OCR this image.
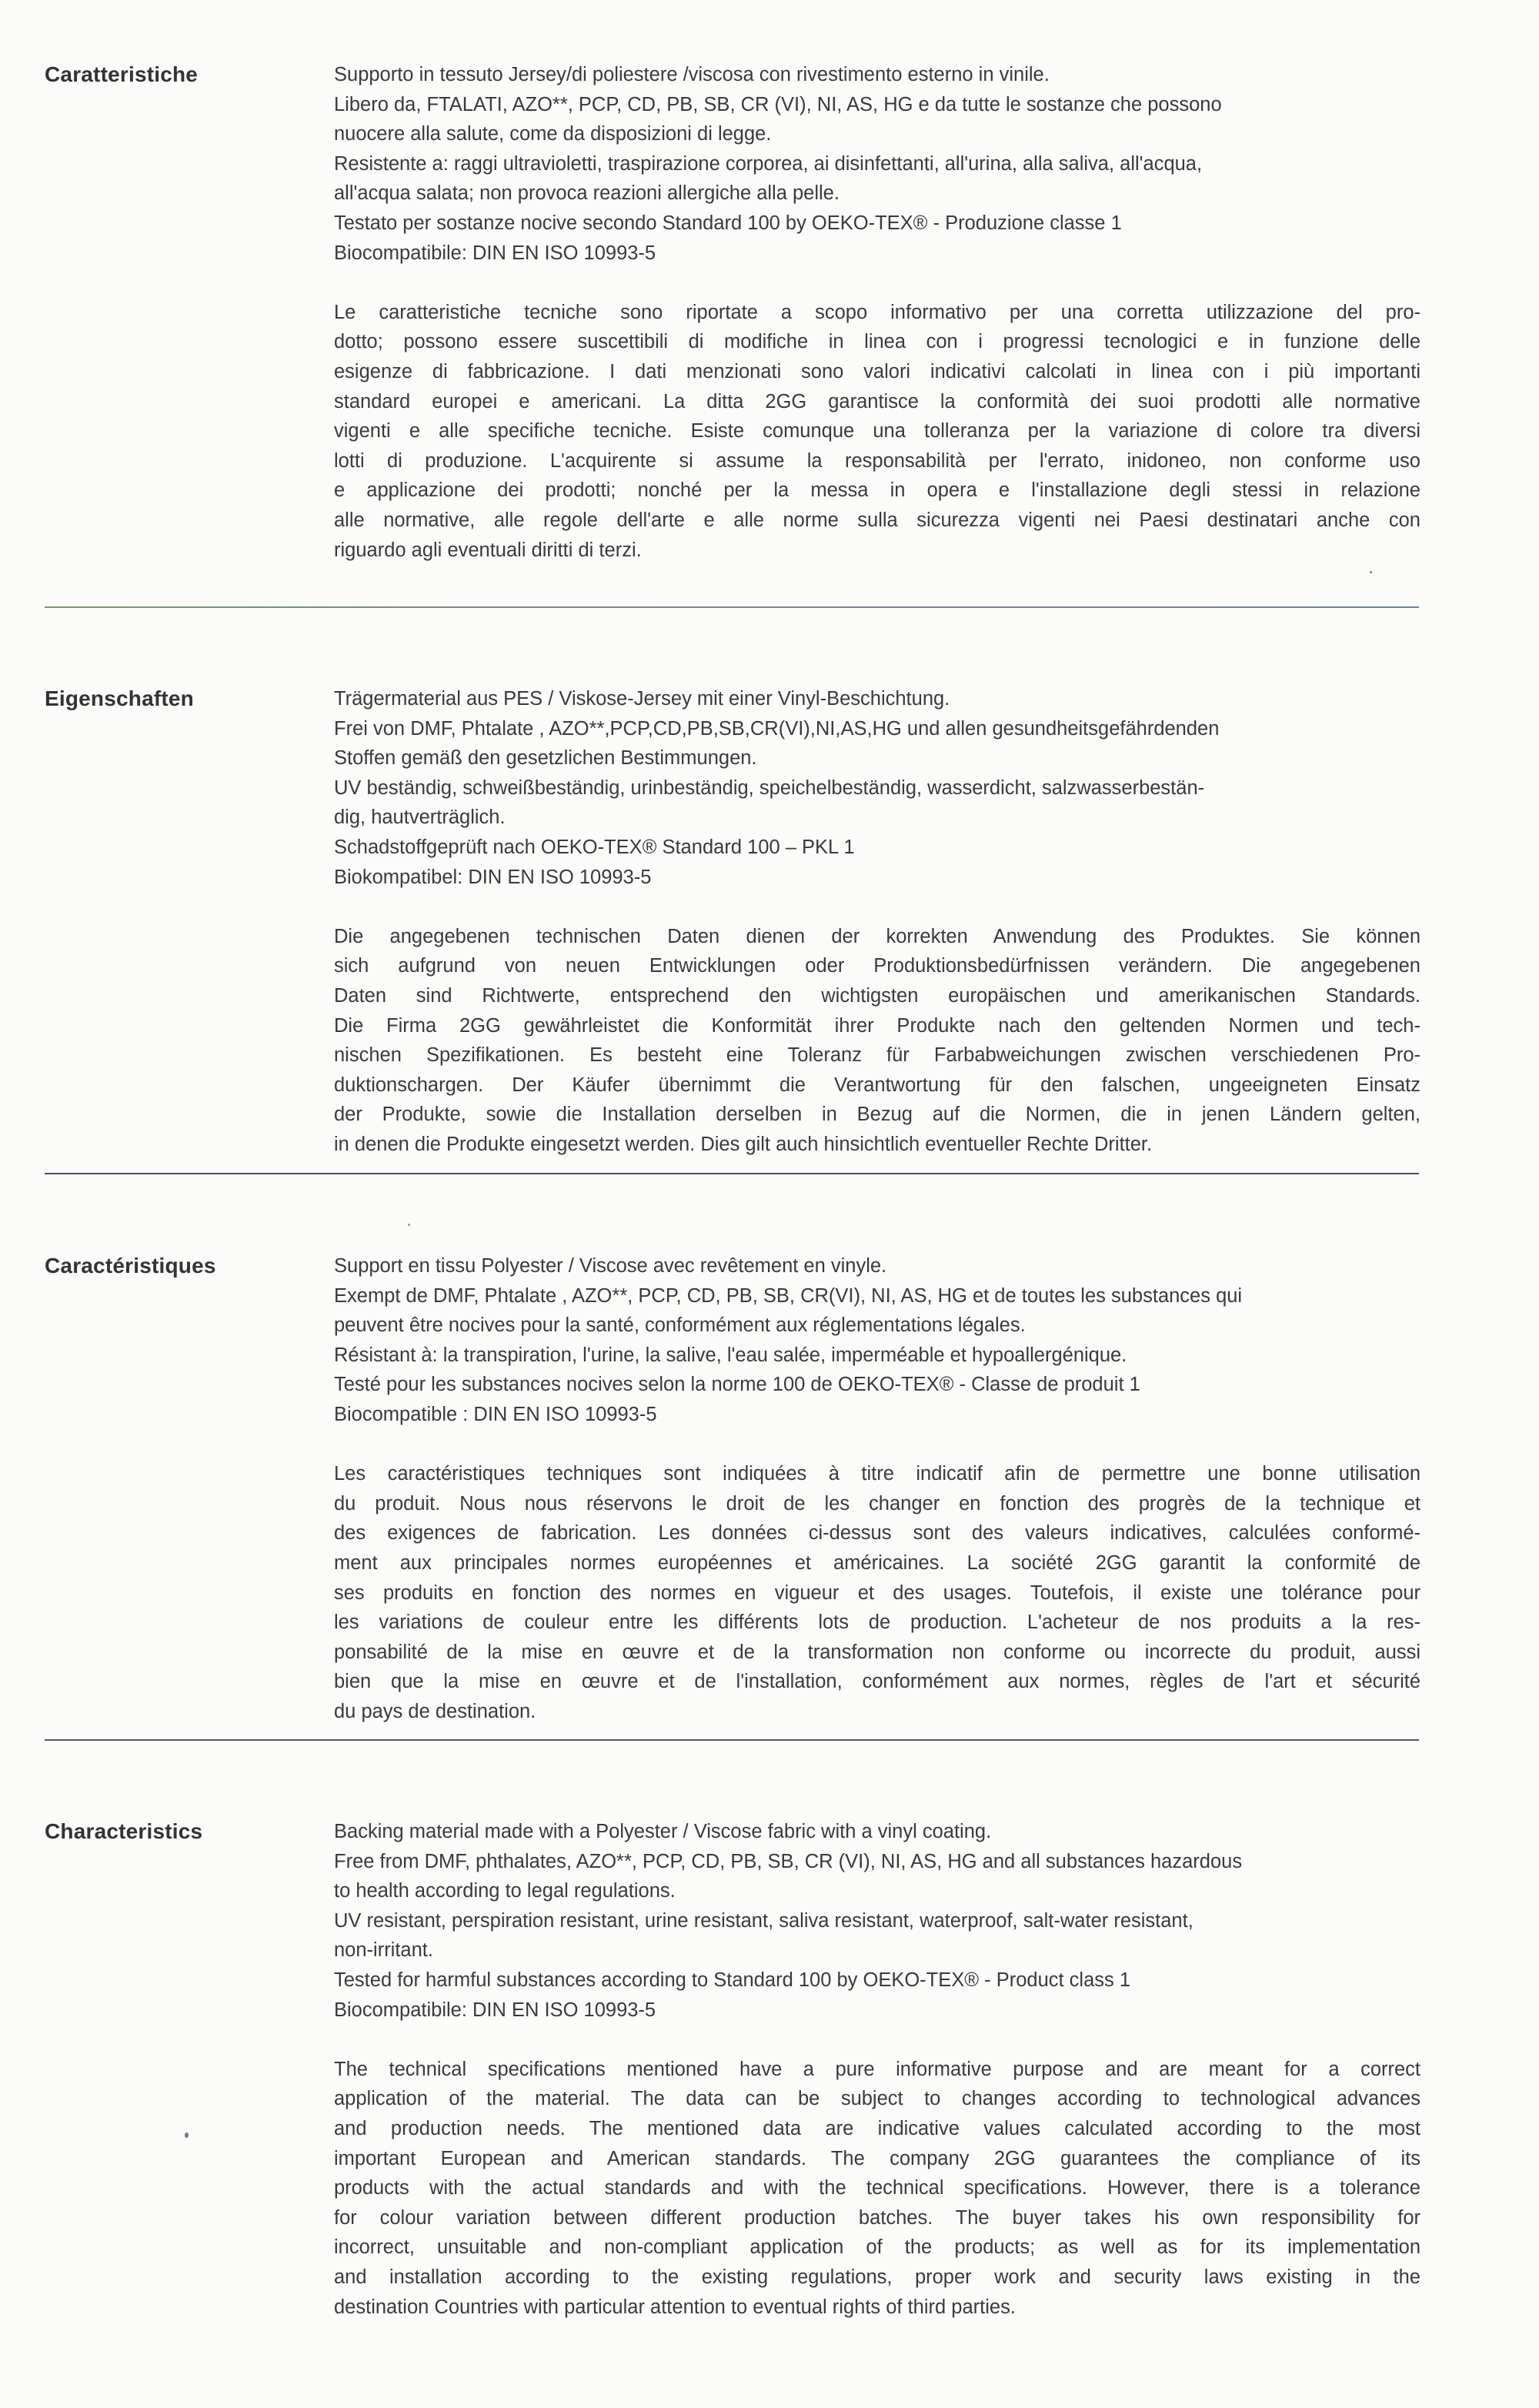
Caratteristiche	Supporto in tessuto Jersey/di poliestere /viscosa con rivestimento esterno in vinile.
Libero da, FTALATI, AZO**, PCP, CD, PB, SB, CR (VI), NI, AS, HG e da tutte le sostanze che possono
nuocere alla salute, come da disposizioni di legge.
Resistente a: raggi ultravioletti, traspirazione corporea, ai disinfettanti, all'urina, alla saliva, all'acqua,
all'acqua salata; non provoca reazioni allergiche alla pelle.
Testato per sostanze nocive secondo Standard 100 by OEKO-TEX® - Produzione classe 1
Biocompatibile: DIN EN ISO 10993-5
Le caratteristiche tecniche sono riportate a scopo informativo per una corretta utilizzazione del pro-
dotto; possono essere suscettibili di modifiche in linea con i progressi tecnologici e in funzione delle
esigenze di fabbricazione. I dati menzionati sono valori indicativi calcolati in linea con i più importanti
standard europei e americani. La ditta 2GG garantisce la conformità dei suoi prodotti alle normative
vigenti e alle specifiche tecniche. Esiste comunque una tolleranza per la variazione di colore tra diversi
lotti di produzione. L'acquirente si assume la responsabilità per l'errato, inidoneo, non conforme uso
e applicazione dei prodotti; nonché per la messa in opera e l'installazione degli stessi in relazione
alle normative, alle regole dell'arte e alle norme sulla sicurezza vigenti nei Paesi destinatari anche con
riguardo agli eventuali diritti di terzi.
Eigenschaften	Trägermaterial aus PES / Viskose-Jersey mit einer Vinyl-Beschichtung.
Frei von DMF, Phtalate , AZO**,PCP,CD,PB,SB,CR(VI),NI,AS,HG und allen gesundheitsgefährdenden
Stoffen gemäß den gesetzlichen Bestimmungen.
UV beständig, schweißbeständig, urinbeständig, speichelbeständig, wasserdicht, salzwasserbestän-
dig, hautverträglich.
Schadstoffgeprüft nach OEKO-TEX® Standard 100 – PKL 1
Biokompatibel: DIN EN ISO 10993-5
Die angegebenen technischen Daten dienen der korrekten Anwendung des Produktes. Sie können
sich aufgrund von neuen Entwicklungen oder Produktionsbedürfnissen verändern. Die angegebenen
Daten sind Richtwerte, entsprechend den wichtigsten europäischen und amerikanischen Standards.
Die Firma 2GG gewährleistet die Konformität ihrer Produkte nach den geltenden Normen und tech-
nischen Spezifikationen. Es besteht eine Toleranz für Farbabweichungen zwischen verschiedenen Pro-
duktionschargen. Der Käufer übernimmt die Verantwortung für den falschen, ungeeigneten Einsatz
der Produkte, sowie die Installation derselben in Bezug auf die Normen, die in jenen Ländern gelten,
in denen die Produkte eingesetzt werden. Dies gilt auch hinsichtlich eventueller Rechte Dritter.
Caractéristiques	Support en tissu Polyester / Viscose avec revêtement en vinyle.
Exempt de DMF, Phtalate , AZO**, PCP, CD, PB, SB, CR(VI), NI, AS, HG et de toutes les substances qui
peuvent être nocives pour la santé, conformément aux réglementations légales.
Résistant à: la transpiration, l'urine, la salive, l'eau salée, imperméable et hypoallergénique.
Testé pour les substances nocives selon la norme 100 de OEKO-TEX® - Classe de produit 1
Biocompatible : DIN EN ISO 10993-5
Les caractéristiques techniques sont indiquées à titre indicatif afin de permettre une bonne utilisation
du produit. Nous nous réservons le droit de les changer en fonction des progrès de la technique et
des exigences de fabrication. Les données ci-dessus sont des valeurs indicatives, calculées conformé-
ment aux principales normes européennes et américaines. La société 2GG garantit la conformité de
ses produits en fonction des normes en vigueur et des usages. Toutefois, il existe une tolérance pour
les variations de couleur entre les différents lots de production. L'acheteur de nos produits a la res-
ponsabilité de la mise en œuvre et de la transformation non conforme ou incorrecte du produit, aussi
bien que la mise en œuvre et de l'installation, conformément aux normes, règles de l'art et sécurité
du pays de destination.
Characteristics	Backing material made with a Polyester / Viscose fabric with a vinyl coating.
Free from DMF, phthalates, AZO**, PCP, CD, PB, SB, CR (VI), NI, AS, HG and all substances hazardous
to health according to legal regulations.
UV resistant, perspiration resistant, urine resistant, saliva resistant, waterproof, salt-water resistant,
non-irritant.
Tested for harmful substances according to Standard 100 by OEKO-TEX® - Product class 1
Biocompatibile: DIN EN ISO 10993-5
The technical specifications mentioned have a pure informative purpose and are meant for a correct
application of the material. The data can be subject to changes according to technological advances
and production needs. The mentioned data are indicative values calculated according to the most
important European and American standards. The company 2GG guarantees the compliance of its
products with the actual standards and with the technical specifications. However, there is a tolerance
for colour variation between different production batches. The buyer takes his own responsibility for
incorrect, unsuitable and non-compliant application of the products; as well as for its implementation
and installation according to the existing regulations, proper work and security laws existing in the
destination Countries with particular attention to eventual rights of third parties.
